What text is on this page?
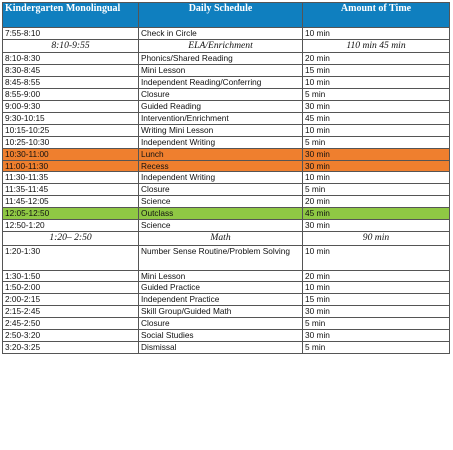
Kindergarten Monolingual	Daily Schedule	Amount of Time
7:55-8:10	Check in Circle	10 min
8:10-9:55	ELA/Enrichment	110 min 45 min
8:10-8:30	Phonics/Shared Reading	20 min
8:30-8:45	Mini Lesson	15 min
8:45-8:55	Independent Reading/Conferring	10 min
8:55-9:00	Closure	5 min
9:00-9:30	Guided Reading	30 min
9:30-10:15	Intervention/Enrichment	45 min
10:15-10:25	Writing Mini Lesson	10 min
10:25-10:30	Independent Writing	5 min
10:30-11:00	Lunch	30 min
11:00-11:30	Recess	30 min
11:30-11:35	Independent Writing	10 min
11:35-11:45	Closure	5 min
11:45-12:05	Science	20 min
12:05-12:50	Outclass	45 min
12:50-1:20	Science	30 min
1:20– 2:50	Math	90 min
1:20-1:30	Number Sense Routine/Problem Solving	10 min
1:30-1:50	Mini Lesson	20 min
1:50-2:00	Guided Practice	10 min
2:00-2:15	Independent Practice	15 min
2:15-2:45	Skill Group/Guided Math	30 min
2:45-2:50	Closure	5 min
2:50-3:20	Social Studies	30 min
3:20-3:25	Dismissal	5 min
